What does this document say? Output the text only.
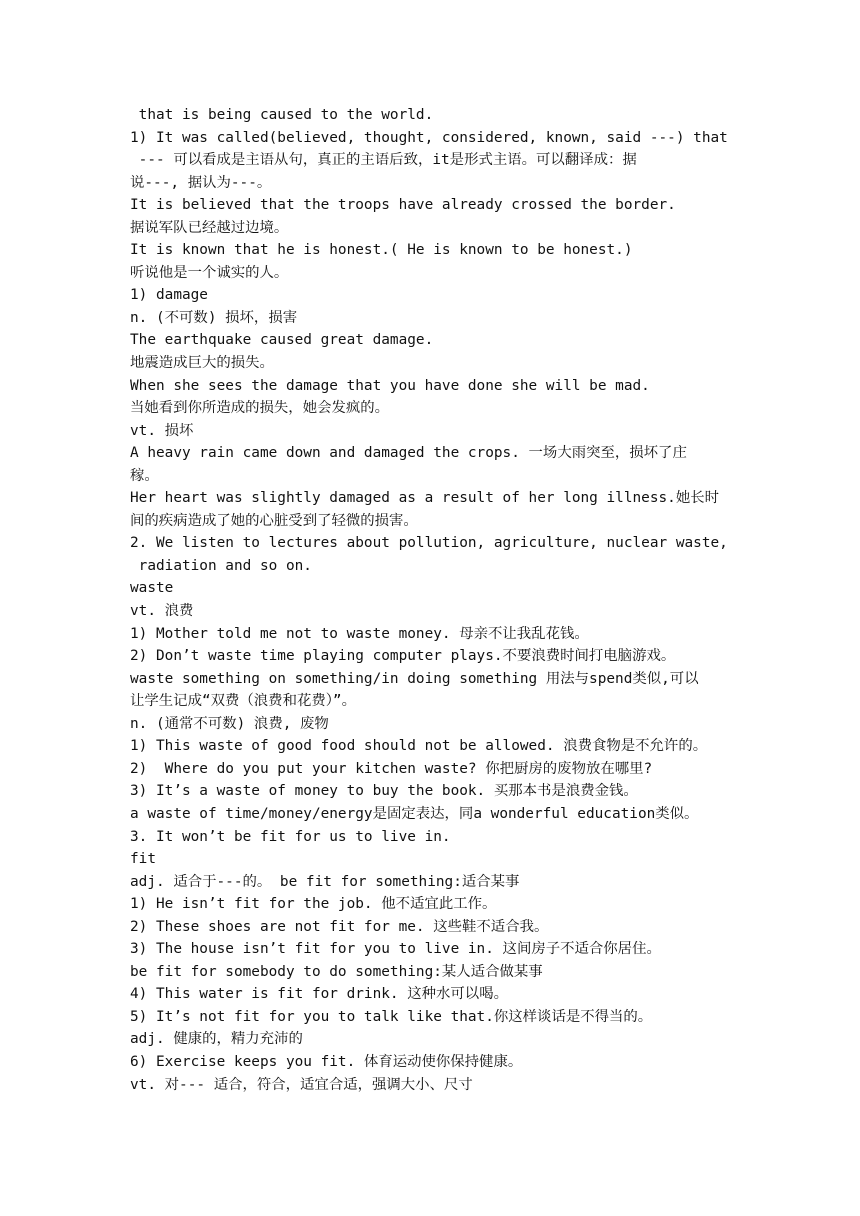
that is being caused to the world.
1) It was called(believed, thought, considered, known, said ---) that
--- 可以看成是主语从句，真正的主语后致，it是形式主语。可以翻译成：据
说---, 据认为---。
It is believed that the troops have already crossed the border.
据说军队已经越过边境。
It is known that he is honest.( He is known to be honest.)
听说他是一个诚实的人。
1) damage
n. (不可数) 损坏，损害
The earthquake caused great damage.
地震造成巨大的损失。
When she sees the damage that you have done she will be mad.
当她看到你所造成的损失，她会发疯的。
vt. 损坏
A heavy rain came down and damaged the crops. 一场大雨突至，损坏了庄
稼。
Her heart was slightly damaged as a result of her long illness.她长时
间的疾病造成了她的心脏受到了轻微的损害。
2. We listen to lectures about pollution, agriculture, nuclear waste,
radiation and so on.
waste
vt. 浪费
1) Mother told me not to waste money. 母亲不让我乱花钱。
2) Don’t waste time playing computer plays.不要浪费时间打电脑游戏。
waste something on something/in doing something 用法与spend类似,可以
让学生记成“双费（浪费和花费）”。
n. (通常不可数) 浪费, 废物
1) This waste of good food should not be allowed. 浪费食物是不允许的。
2)  Where do you put your kitchen waste? 你把厨房的废物放在哪里?
3) It’s a waste of money to buy the book. 买那本书是浪费金钱。
a waste of time/money/energy是固定表达，同a wonderful education类似。
3. It won’t be fit for us to live in.
fit
adj. 适合于---的。 be fit for something:适合某事
1) He isn’t fit for the job. 他不适宜此工作。
2) These shoes are not fit for me. 这些鞋不适合我。
3) The house isn’t fit for you to live in. 这间房子不适合你居住。
be fit for somebody to do something:某人适合做某事
4) This water is fit for drink. 这种水可以喝。
5) It’s not fit for you to talk like that.你这样谈话是不得当的。
adj. 健康的，精力充沛的
6) Exercise keeps you fit. 体育运动使你保持健康。
vt. 对--- 适合，符合，适宜合适，强调大小、尺寸
